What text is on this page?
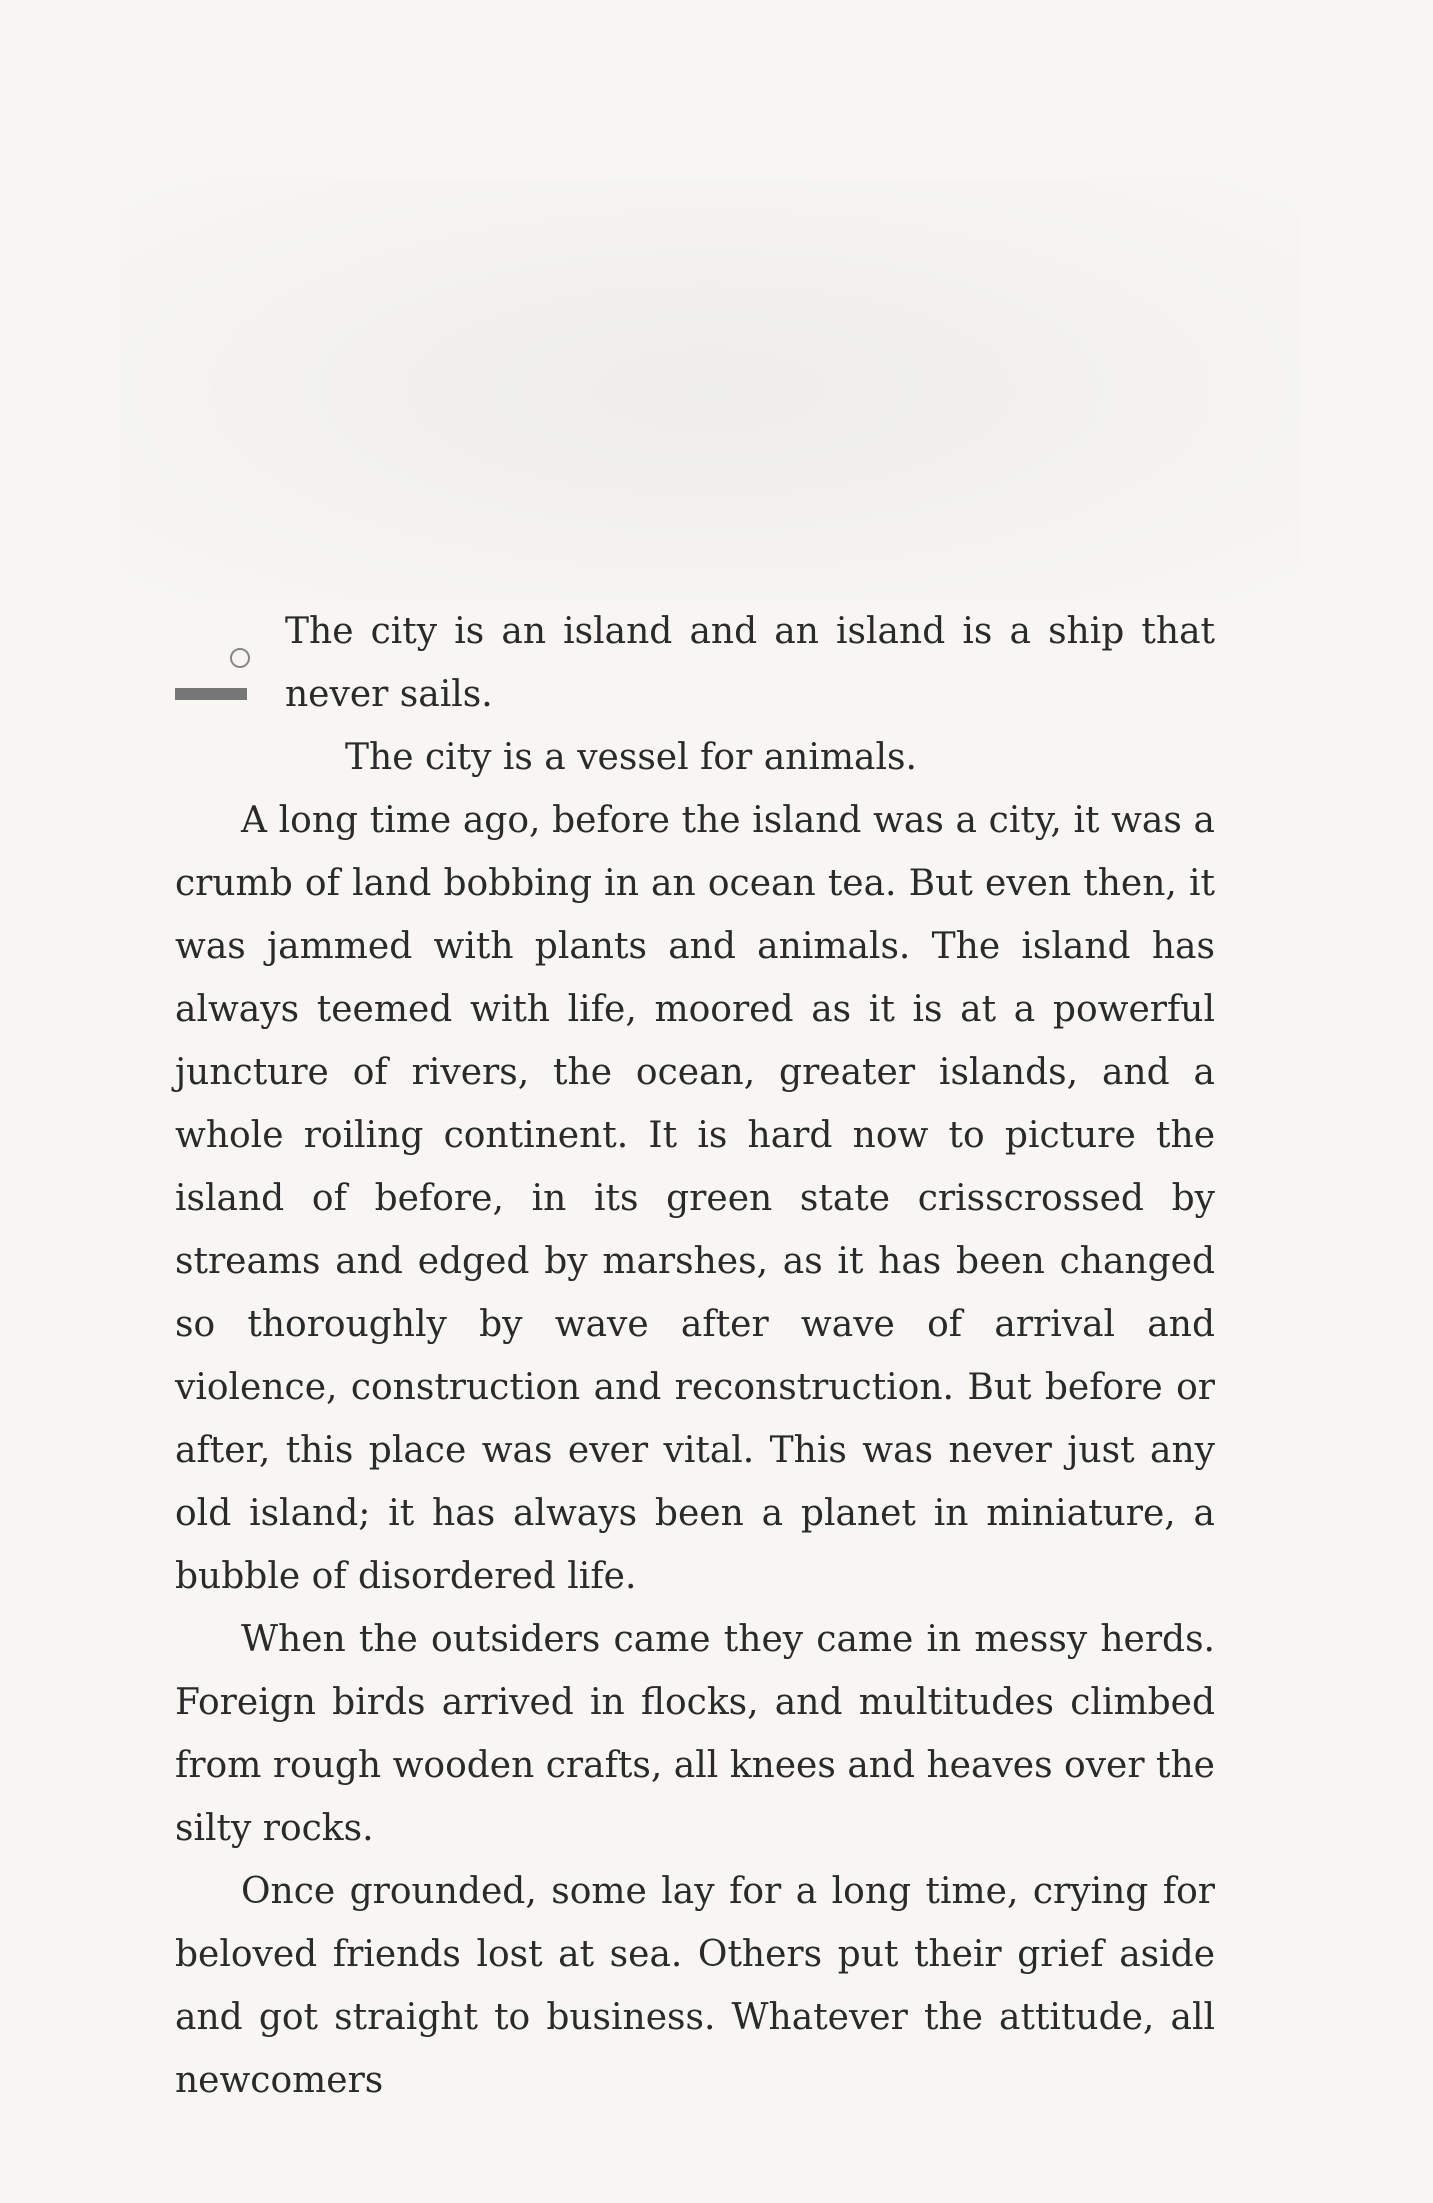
The city is an island and an island is a ship that never sails.

The city is a vessel for animals.

A long time ago, before the island was a city, it was a crumb of land bobbing in an ocean tea. But even then, it was jammed with plants and animals. The island has always teemed with life, moored as it is at a powerful juncture of rivers, the ocean, greater islands, and a whole roiling continent. It is hard now to picture the island of before, in its green state crisscrossed by streams and edged by marshes, as it has been changed so thoroughly by wave after wave of arrival and violence, construction and reconstruction. But before or after, this place was ever vital. This was never just any old island; it has always been a planet in miniature, a bubble of disordered life.

When the outsiders came they came in messy herds. Foreign birds arrived in flocks, and multitudes climbed from rough wooden crafts, all knees and heaves over the silty rocks.

Once grounded, some lay for a long time, crying for beloved friends lost at sea. Others put their grief aside and got straight to business. Whatever the attitude, all newcomers
